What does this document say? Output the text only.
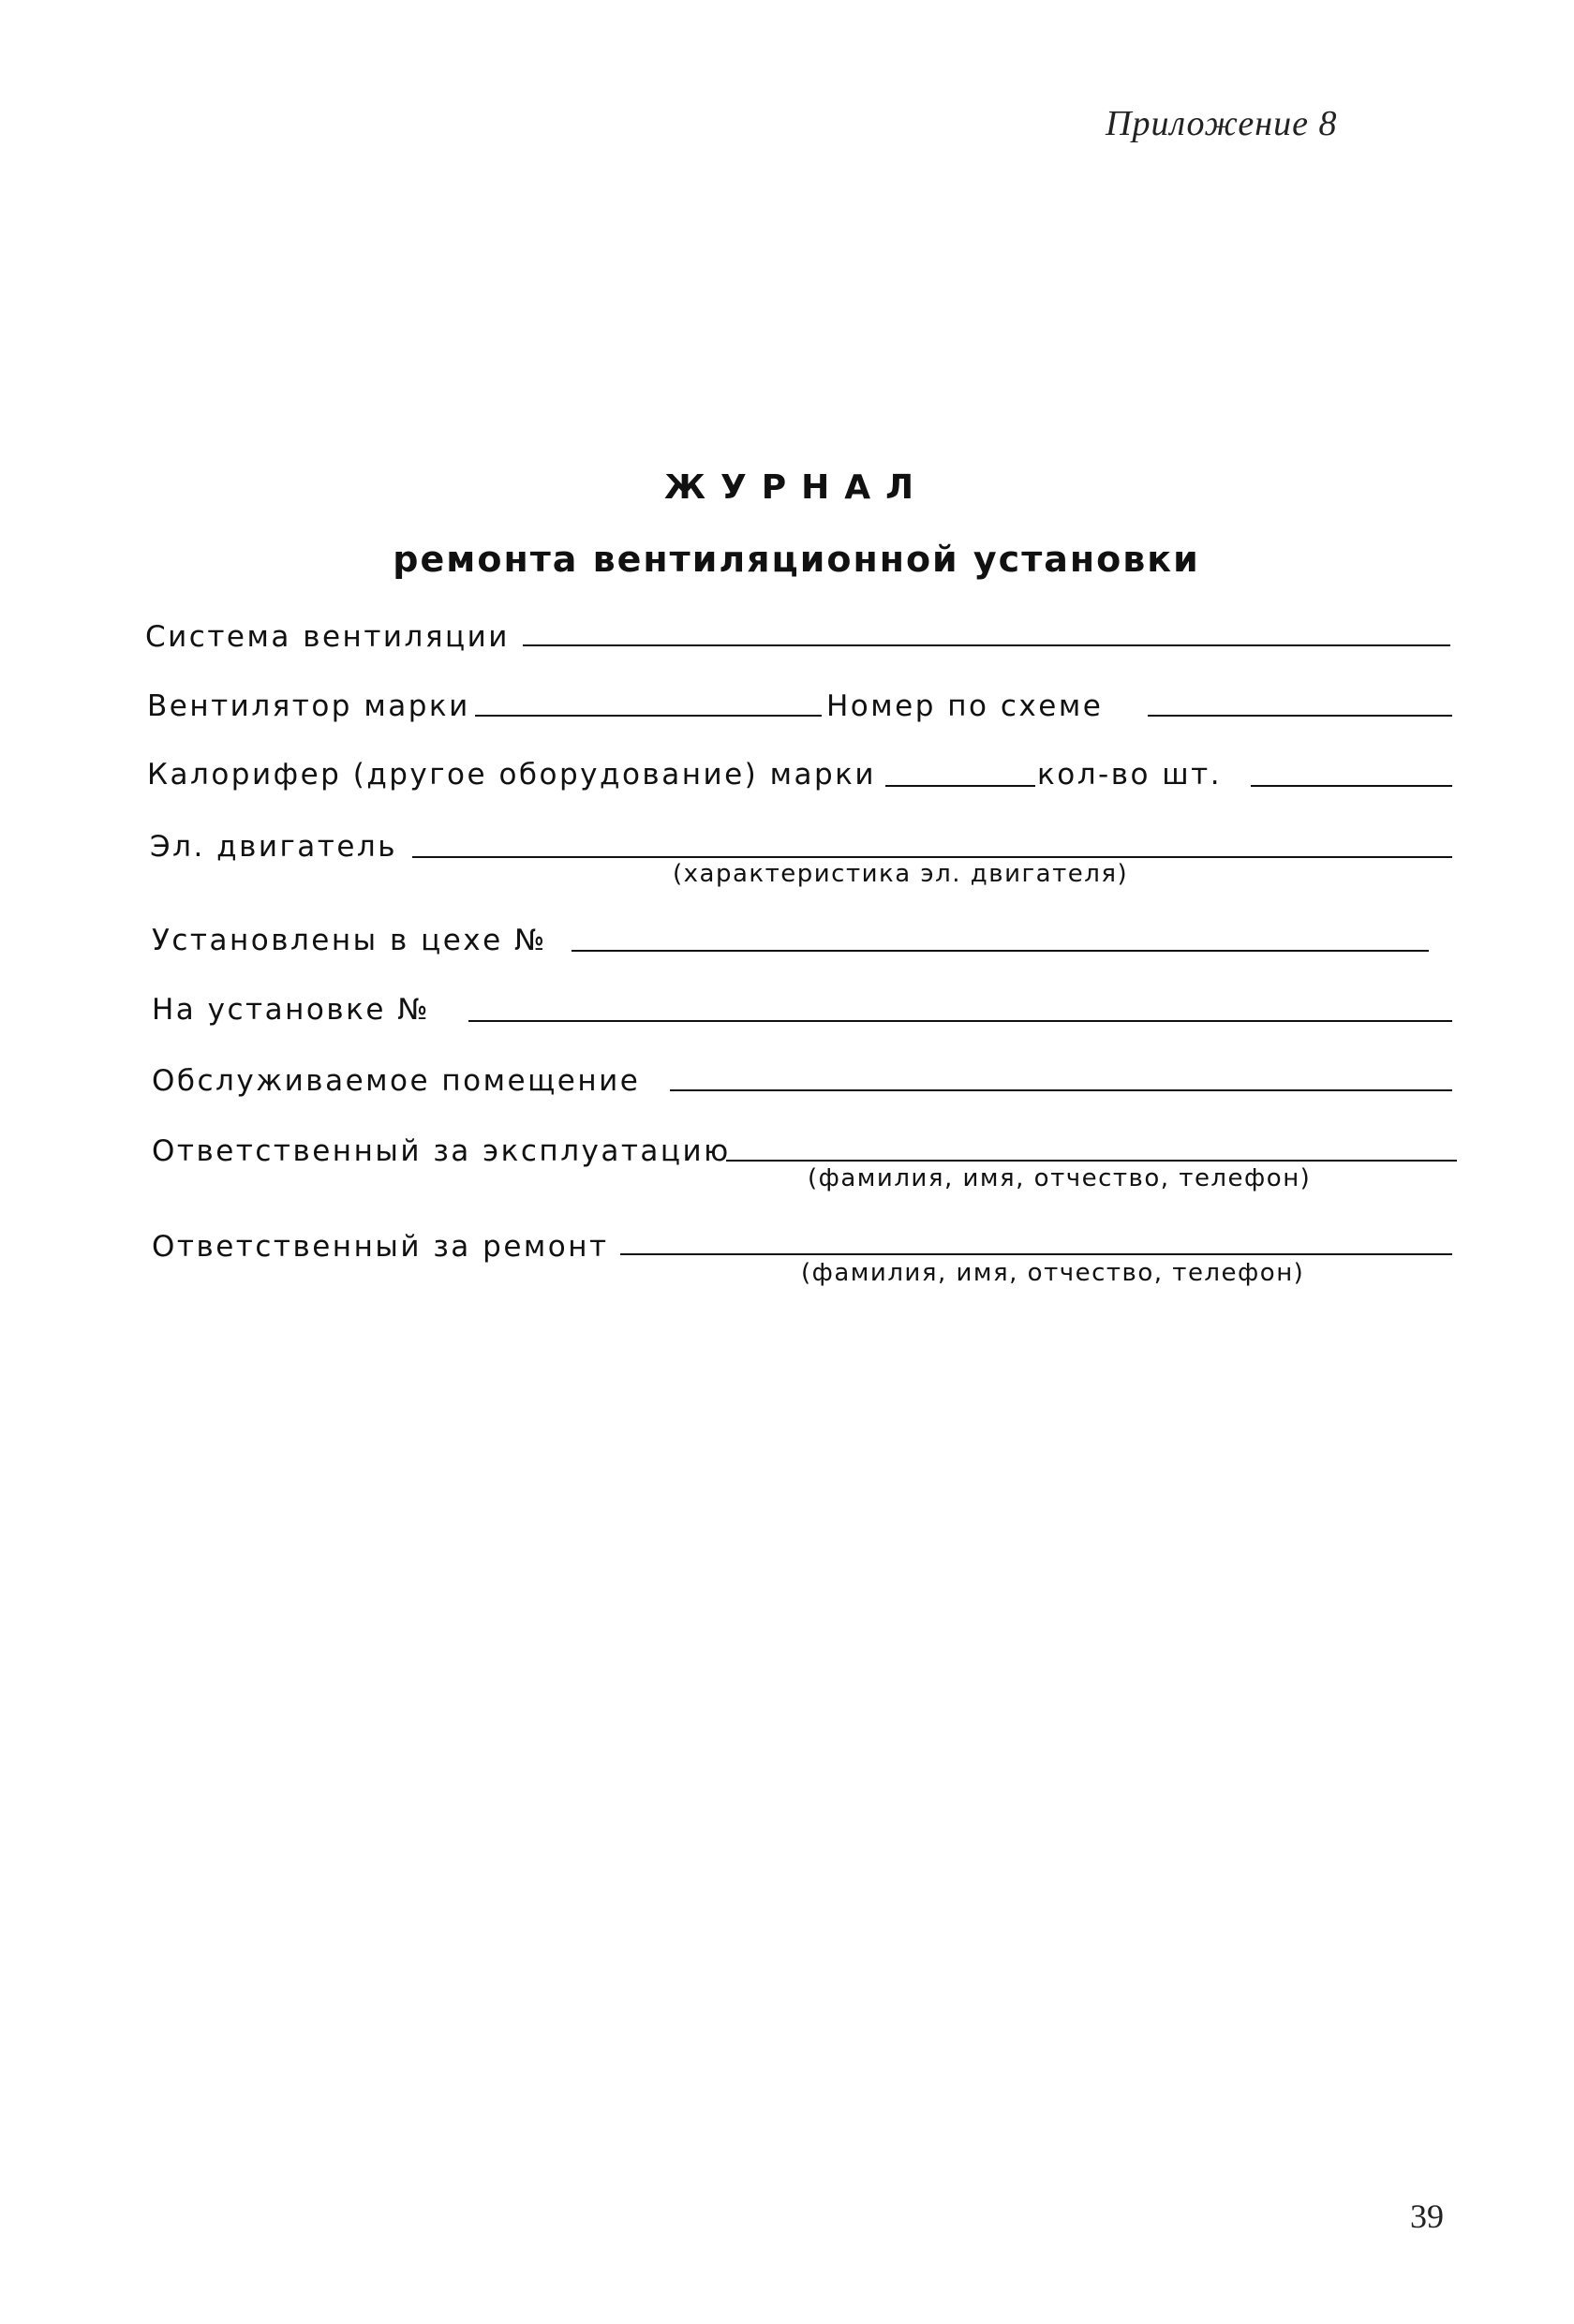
Приложение 8
ЖУРНАЛ
ремонта вентиляционной установки
Система вентиляции
Вентилятор марки	Номер по схеме
Калорифер (другое оборудование) марки	кол-во шт.
Эл. двигатель
(характеристика эл. двигателя)
Установлены в цехе №
На установке №
Обслуживаемое помещение
Ответственный за эксплуатацию
(фамилия, имя, отчество, телефон)
Ответственный за ремонт
(фамилия, имя, отчество, телефон)
39
